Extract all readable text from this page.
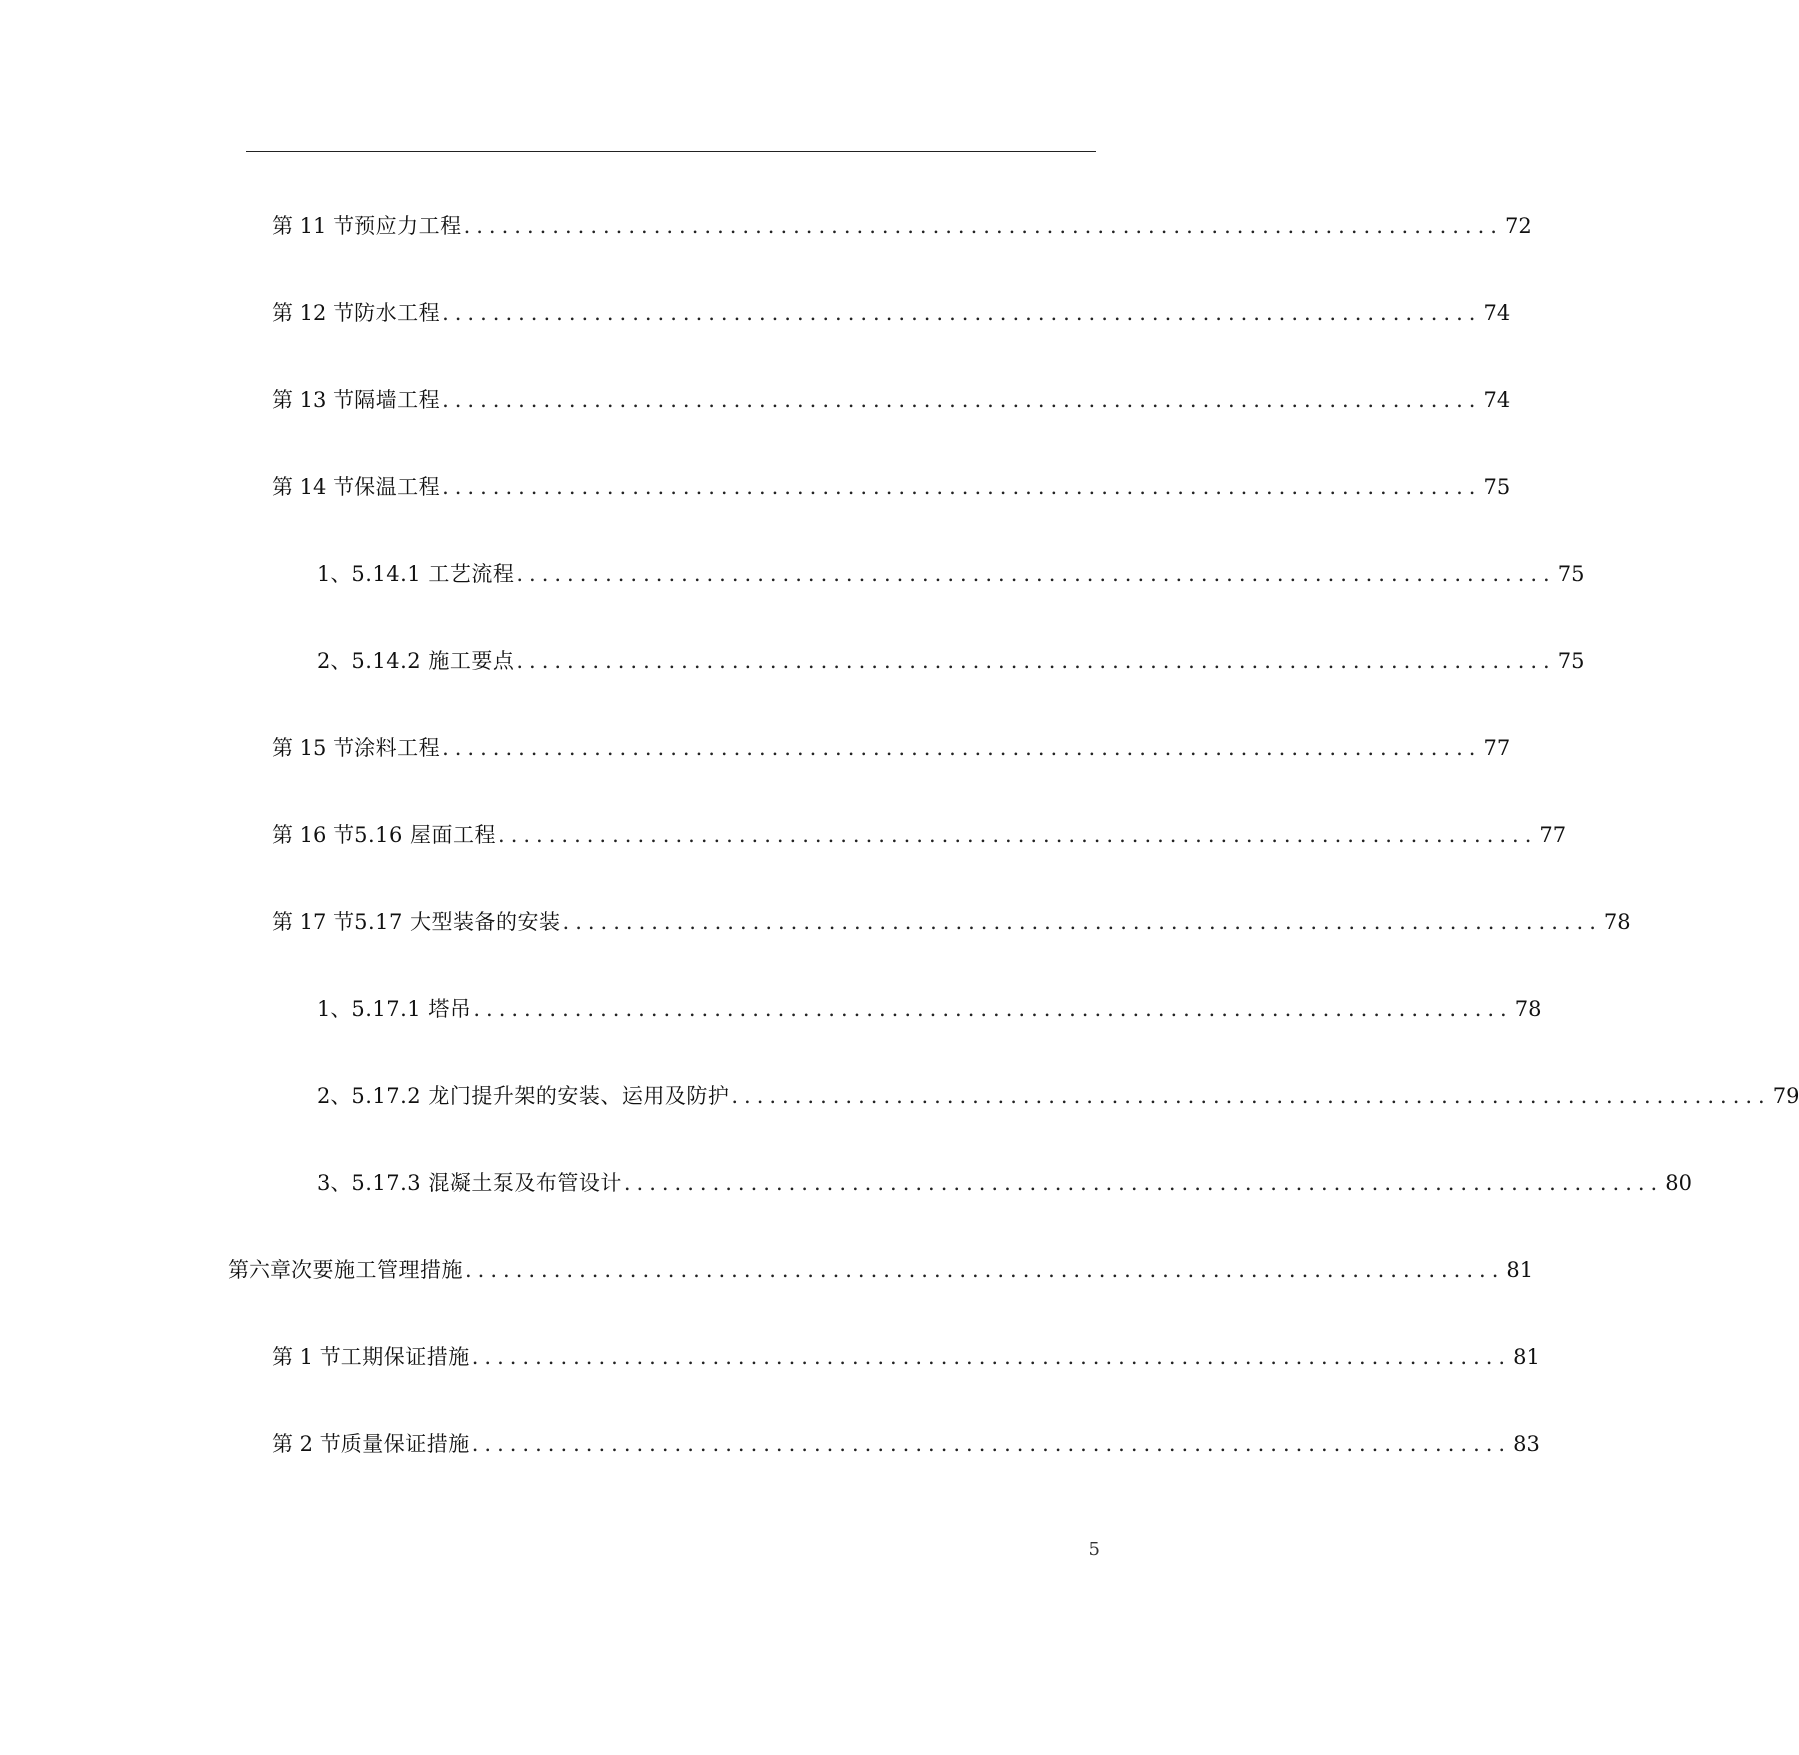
第 11 节 预应力工程 .................................................................................. 72
第 12 节 防水工程 .................................................................................. 74
第 13 节 隔墙工程 .................................................................................. 74
第 14 节 保温工程 .................................................................................. 75
1、 5.14.1 工艺流程 .................................................................................. 75
2、 5.14.2 施工要点 .................................................................................. 75
第 15 节 涂料工程 .................................................................................. 77
第 16 节 5.16 屋面工程 .................................................................................. 77
第 17 节 5.17 大型装备的安装 .................................................................................. 78
1、 5.17.1 塔吊 .................................................................................. 78
2、 5.17.2 龙门提升架的安装、运用及防护 .................................................................................. 79
3、 5.17.3 混凝土泵及布管设计 .................................................................................. 80
第六章 次要施工管理措施 .................................................................................. 81
第 1 节 工期保证措施 .................................................................................. 81
第 2 节 质量保证措施 .................................................................................. 83
5
